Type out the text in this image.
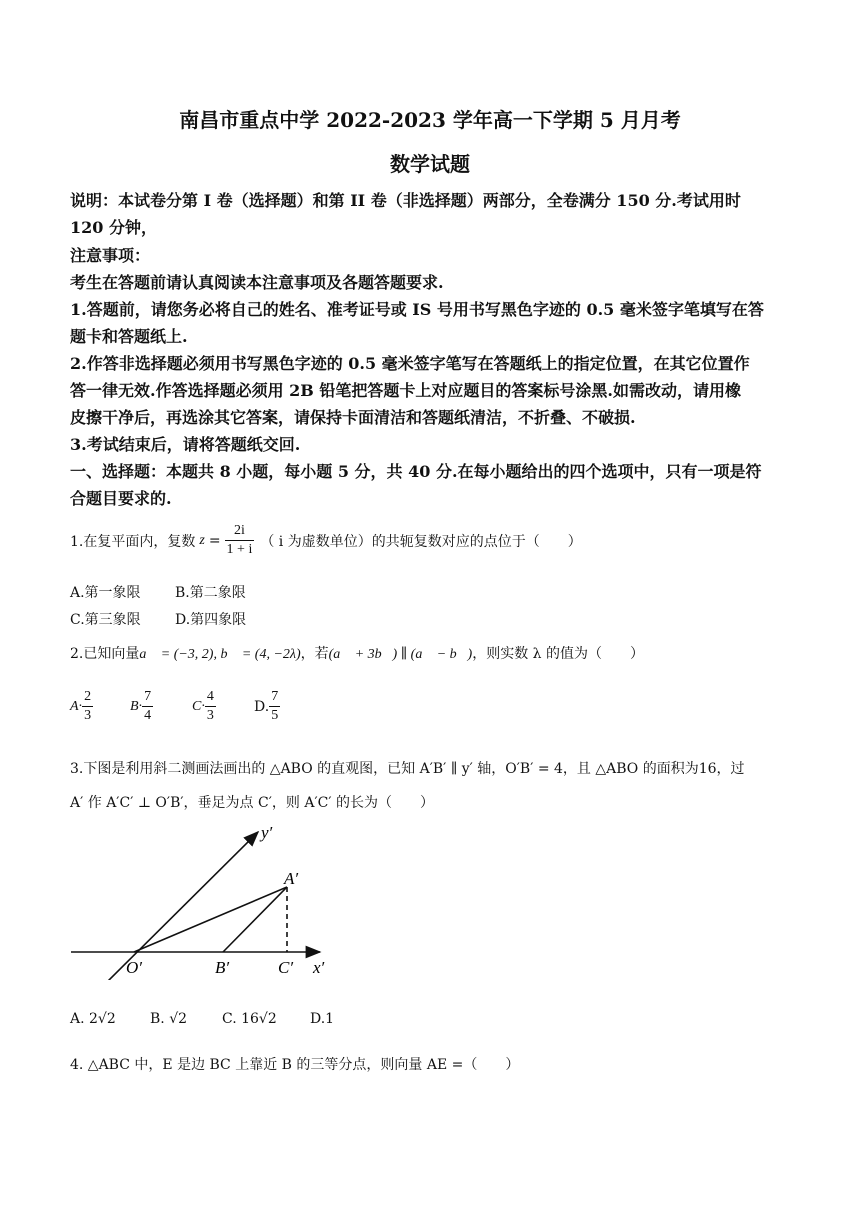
南昌市重点中学 2022-2023 学年高一下学期 5 月月考
数学试题
说明：本试卷分第 I 卷（选择题）和第 II 卷（非选择题）两部分，全卷满分 150 分.考试用时
120 分钟，
注意事项：
考生在答题前请认真阅读本注意事项及各题答题要求.
1.答题前，请您务必将自己的姓名、准考证号或 IS 号用书写黑色字迹的 0.5 毫米签字笔填写在答
题卡和答题纸上.
2.作答非选择题必须用书写黑色字迹的 0.5 毫米签字笔写在答题纸上的指定位置，在其它位置作
答一律无效.作答选择题必须用 2B 铅笔把答题卡上对应题目的答案标号涂黑.如需改动，请用橡
皮擦干净后，再选涂其它答案，请保持卡面清洁和答题纸清洁，不折叠、不破损.
3.考试结束后，请将答题纸交回.
一、选择题：本题共 8 小题，每小题 5 分，共 40 分.在每小题给出的四个选项中，只有一项是符
合题目要求的.
1.在复平面内，复数 $z = \frac{2i}{1 + i}$ （ i 为虚数单位）的共轭复数对应的点位于（　　）
A.第一象限 B.第二象限
C.第三象限 D.第四象限
2.已知向量a⃗ = (−3, 2), b⃗ = (4, −2λ)，若(a⃗ + 3b⃗) ∥ (a⃗ − b⃗)，则实数 λ 的值为（　　）
$A\cdot \frac{2}{3}$	$B\cdot \frac{7}{4}$	$C\cdot \frac{4}{3}$	D. $\frac{7}{5}$
3.下图是利用斜二测画法画出的 △ABO 的直观图，已知 A′B′ ∥ y′ 轴，O′B′ = 4，且 △ABO 的面积为16，过
A′ 作 A′C′ ⊥ O′B′，垂足为点 C′，则 A′C′ 的长为（　　）
y′
x′
A′
O′	B′	C′
A. 2√2 B. √2 C. 16√2 D.1
4. △ABC 中，E 是边 BC 上靠近 B 的三等分点，则向量 AE =（　　）
